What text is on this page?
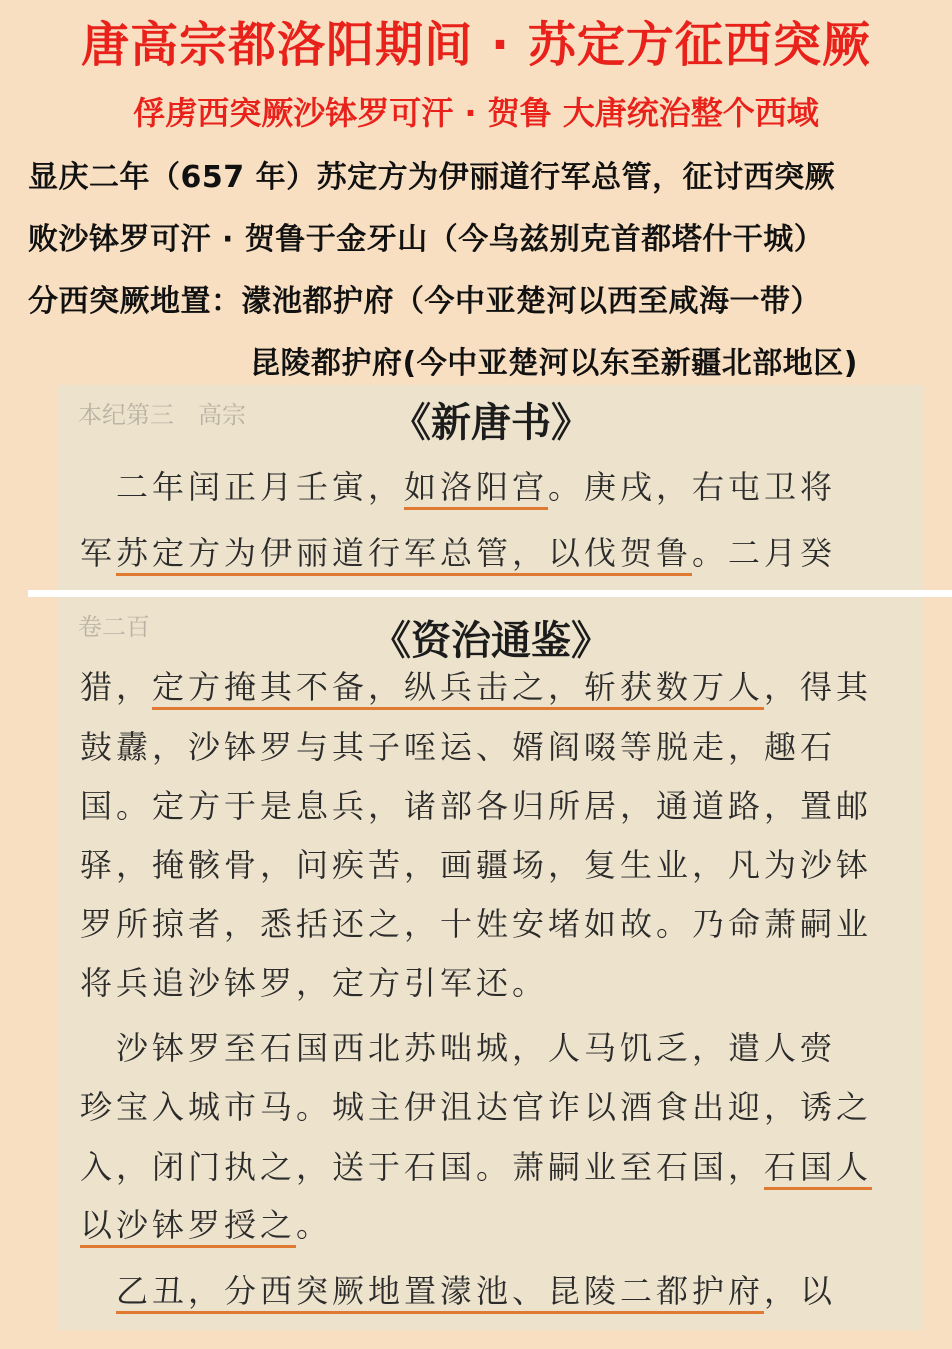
唐高宗都洛阳期间 · 苏定方征西突厥
俘虏西突厥沙钵罗可汗 · 贺鲁 大唐统治整个西域
显庆二年（657 年）苏定方为伊丽道行军总管，征讨西突厥
败沙钵罗可汗 · 贺鲁于金牙山（今乌兹别克首都塔什干城）
分西突厥地置：濛池都护府（今中亚楚河以西至咸海一带）
昆陵都护府(今中亚楚河以东至新疆北部地区)
本纪第三　高宗	《新唐书》
　二年闰正月壬寅，如洛阳宫。庚戌，右屯卫将
军苏定方为伊丽道行军总管，以伐贺鲁。二月癸
卷二百	《资治通鉴》
猎，定方掩其不备，纵兵击之，斩获数万人，得其
鼓纛，沙钵罗与其子咥运、婿阎啜等脱走，趣石
国。定方于是息兵，诸部各归所居，通道路，置邮
驿，掩骸骨，问疾苦，画疆场，复生业，凡为沙钵
罗所掠者，悉括还之，十姓安堵如故。乃命萧嗣业
将兵追沙钵罗，定方引军还。
　沙钵罗至石国西北苏咄城，人马饥乏，遣人赍
珍宝入城市马。城主伊沮达官诈以酒食出迎，诱之
入，闭门执之，送于石国。萧嗣业至石国，石国人
以沙钵罗授之。
　乙丑，分西突厥地置濛池、昆陵二都护府，以
